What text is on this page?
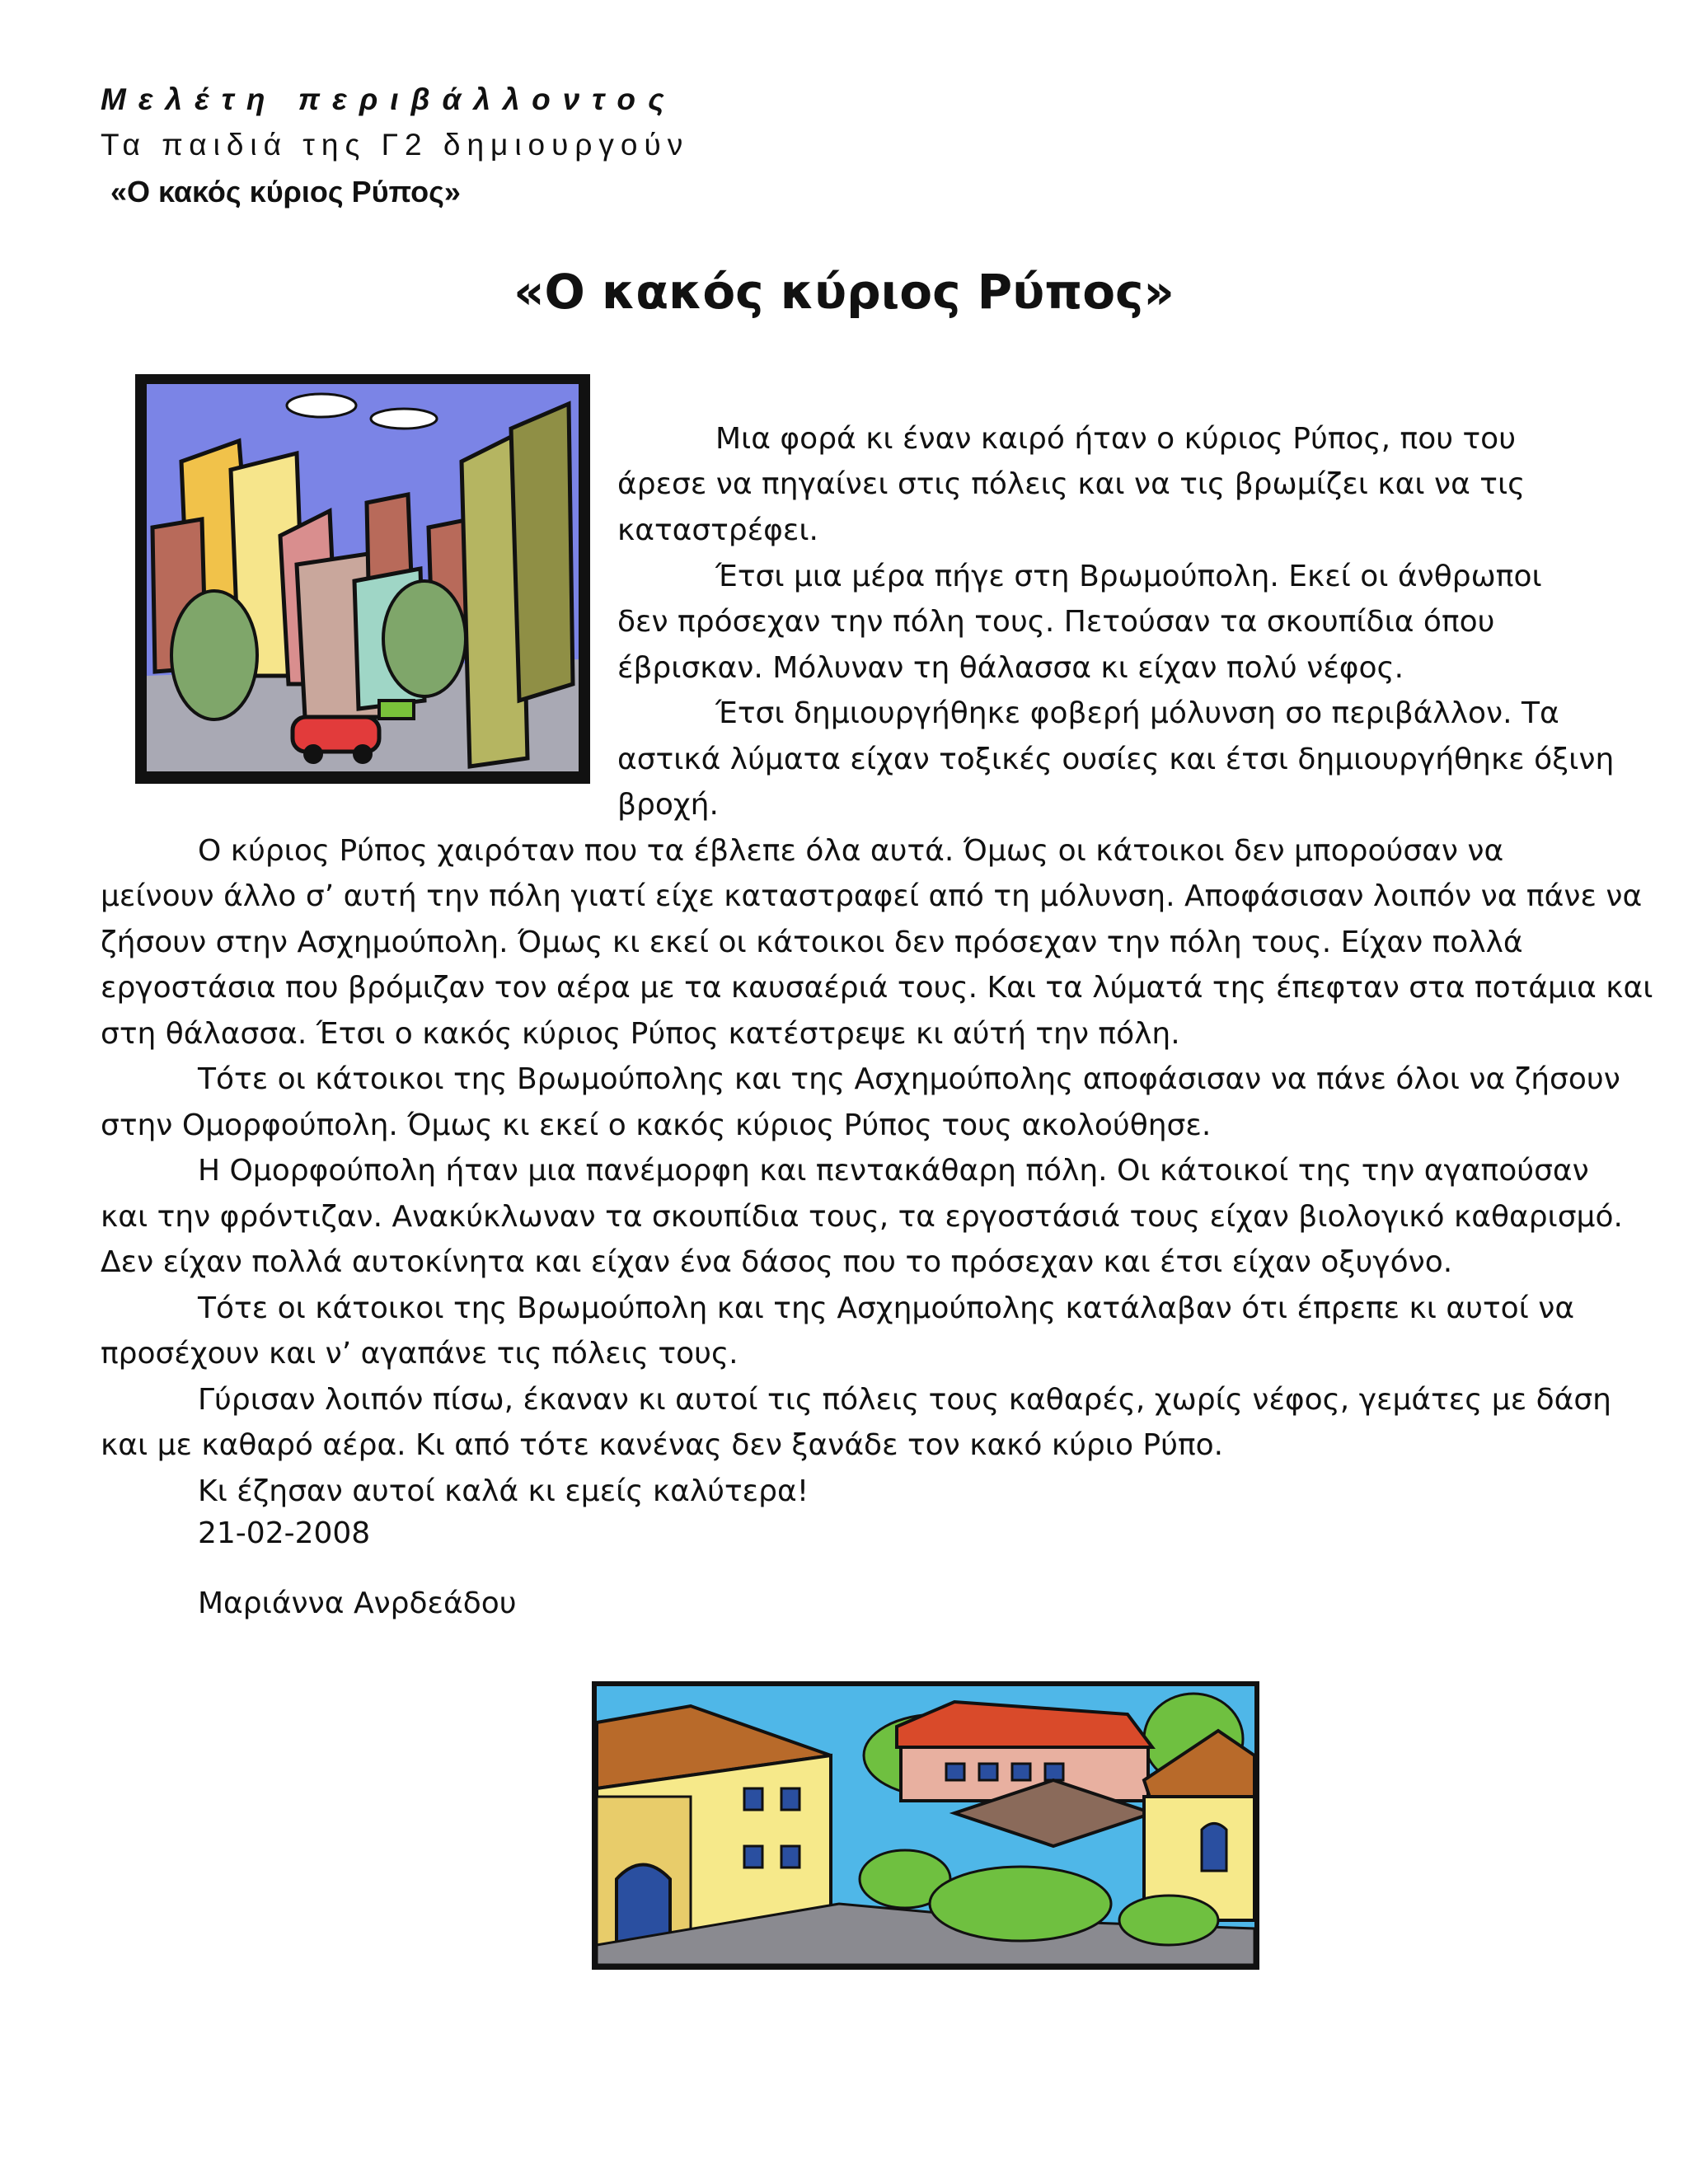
Μελέτη περιβάλλοντος
Τα παιδιά της Γ2 δημιουργούν
«Ο κακός κύριος Ρύπος»
«Ο κακός κύριος Ρύπος»
Μια φορά κι έναν καιρό ήταν ο κύριος Ρύπος, που του
άρεσε να πηγαίνει στις πόλεις και να τις βρωμίζει και να τις
καταστρέφει.
Έτσι μια μέρα πήγε στη Βρωμούπολη. Εκεί οι άνθρωποι
δεν πρόσεχαν την πόλη τους. Πετούσαν τα σκουπίδια όπου
έβρισκαν. Μόλυναν τη θάλασσα κι είχαν πολύ νέφος.
Έτσι δημιουργήθηκε φοβερή μόλυνση σο περιβάλλον. Τα
αστικά λύματα είχαν τοξικές ουσίες και έτσι δημιουργήθηκε όξινη
βροχή.
Ο κύριος Ρύπος χαιρόταν που τα έβλεπε όλα αυτά. Όμως οι κάτοικοι δεν μπορούσαν να
μείνουν άλλο σ’ αυτή την πόλη γιατί είχε καταστραφεί από τη μόλυνση. Αποφάσισαν λοιπόν να πάνε να
ζήσουν στην Ασχημούπολη. Όμως κι εκεί οι κάτοικοι δεν πρόσεχαν την πόλη τους. Είχαν πολλά
εργοστάσια που βρόμιζαν τον αέρα με τα καυσαέριά τους. Και τα λύματά της έπεφταν στα ποτάμια και
στη θάλασσα. Έτσι ο κακός κύριος Ρύπος κατέστρεψε κι αύτή την πόλη.
Τότε οι κάτοικοι της Βρωμούπολης και της Ασχημούπολης αποφάσισαν να πάνε όλοι να ζήσουν
στην Ομορφούπολη. Όμως κι εκεί ο κακός κύριος Ρύπος τους ακολούθησε.
Η Ομορφούπολη ήταν μια πανέμορφη και πεντακάθαρη πόλη. Οι κάτοικοί της την αγαπούσαν
και την φρόντιζαν. Ανακύκλωναν τα σκουπίδια τους, τα εργοστάσιά τους είχαν βιολογικό καθαρισμό.
Δεν είχαν πολλά αυτοκίνητα και είχαν ένα δάσος που το πρόσεχαν και έτσι είχαν οξυγόνο.
Τότε οι κάτοικοι της Βρωμούπολη και της Ασχημούπολης κατάλαβαν ότι έπρεπε κι αυτοί να
προσέχουν και ν’ αγαπάνε τις πόλεις τους.
Γύρισαν λοιπόν πίσω, έκαναν κι αυτοί τις πόλεις τους καθαρές, χωρίς νέφος, γεμάτες με δάση
και με καθαρό αέρα. Κι από τότε κανένας δεν ξανάδε τον κακό κύριο Ρύπο.
Κι έζησαν αυτοί καλά κι εμείς καλύτερα!
21-02-2008
Μαριάννα Ανρδεάδου
